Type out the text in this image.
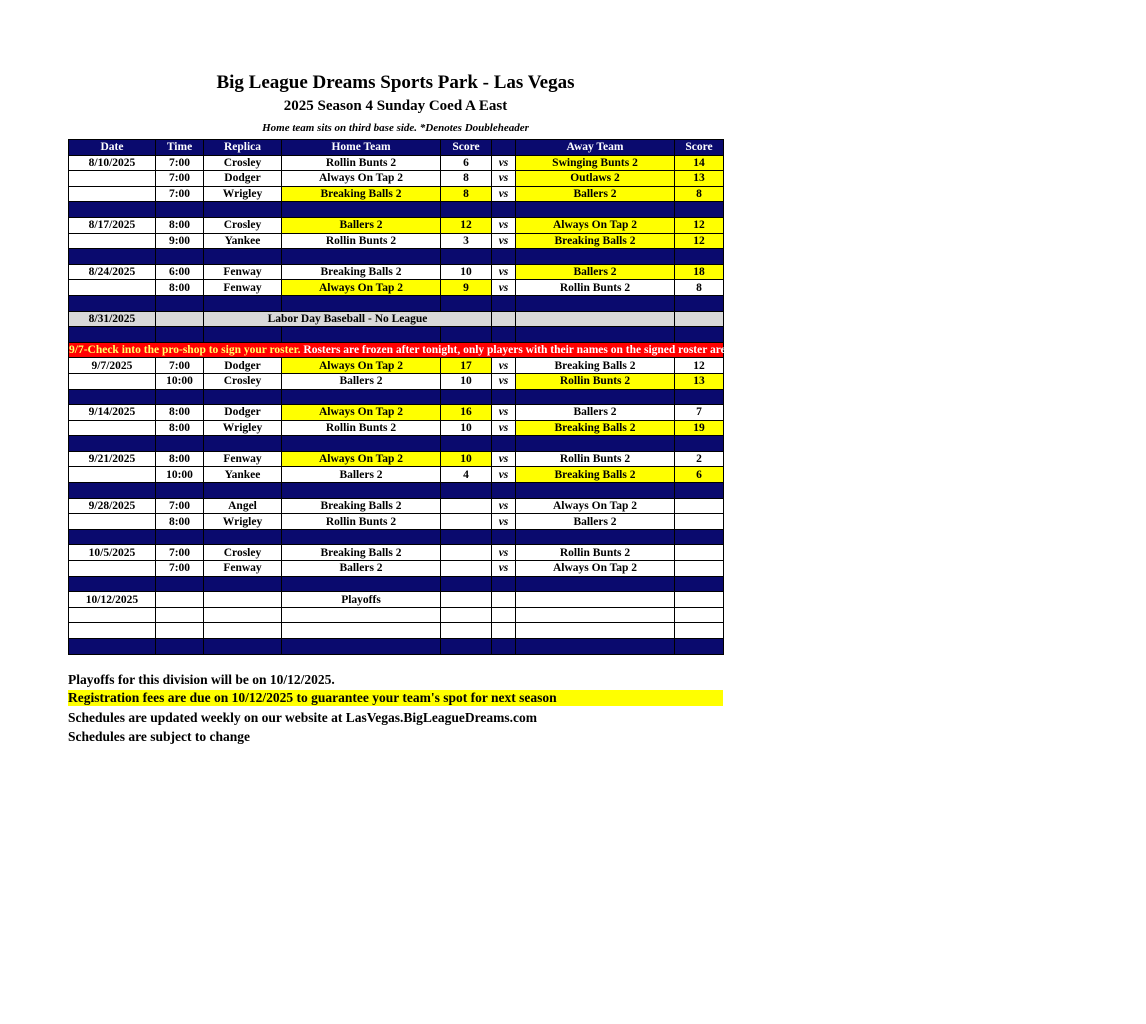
Big League Dreams Sports Park - Las Vegas
2025 Season 4 Sunday Coed A East
Home team sits on third base side. *Denotes Doubleheader
Date	Time	Replica	Home Team	Score		Away Team	Score
8/10/2025	7:00	Crosley	Rollin Bunts 2	6	vs	Swinging Bunts 2	14
	7:00	Dodger	Always On Tap 2	8	vs	Outlaws 2	13
	7:00	Wrigley	Breaking Balls 2	8	vs	Ballers 2	8

8/17/2025	8:00	Crosley	Ballers 2	12	vs	Always On Tap 2	12
	9:00	Yankee	Rollin Bunts 2	3	vs	Breaking Balls 2	12

8/24/2025	6:00	Fenway	Breaking Balls 2	10	vs	Ballers 2	18
	8:00	Fenway	Always On Tap 2	9	vs	Rollin Bunts 2	8

8/31/2025		Labor Day Baseball - No League					

9/7-Check into the pro-shop to sign your roster. Rosters are frozen after tonight, only players with their names on the signed roster are eligible for playoffs. Please check carefully as changes will not be made for omissions.							
9/7/2025	7:00	Dodger	Always On Tap 2	17	vs	Breaking Balls 2	12
	10:00	Crosley	Ballers 2	10	vs	Rollin Bunts 2	13

9/14/2025	8:00	Dodger	Always On Tap 2	16	vs	Ballers 2	7
	8:00	Wrigley	Rollin Bunts 2	10	vs	Breaking Balls 2	19

9/21/2025	8:00	Fenway	Always On Tap 2	10	vs	Rollin Bunts 2	2
	10:00	Yankee	Ballers 2	4	vs	Breaking Balls 2	6

9/28/2025	7:00	Angel	Breaking Balls 2		vs	Always On Tap 2	
	8:00	Wrigley	Rollin Bunts 2		vs	Ballers 2	

10/5/2025	7:00	Crosley	Breaking Balls 2		vs	Rollin Bunts 2	
	7:00	Fenway	Ballers 2		vs	Always On Tap 2	

10/12/2025			Playoffs				

Playoffs for this division will be on 10/12/2025.
Registration fees are due on 10/12/2025 to guarantee your team's spot for next season
Schedules are updated weekly on our website at LasVegas.BigLeagueDreams.com
Schedules are subject to change
